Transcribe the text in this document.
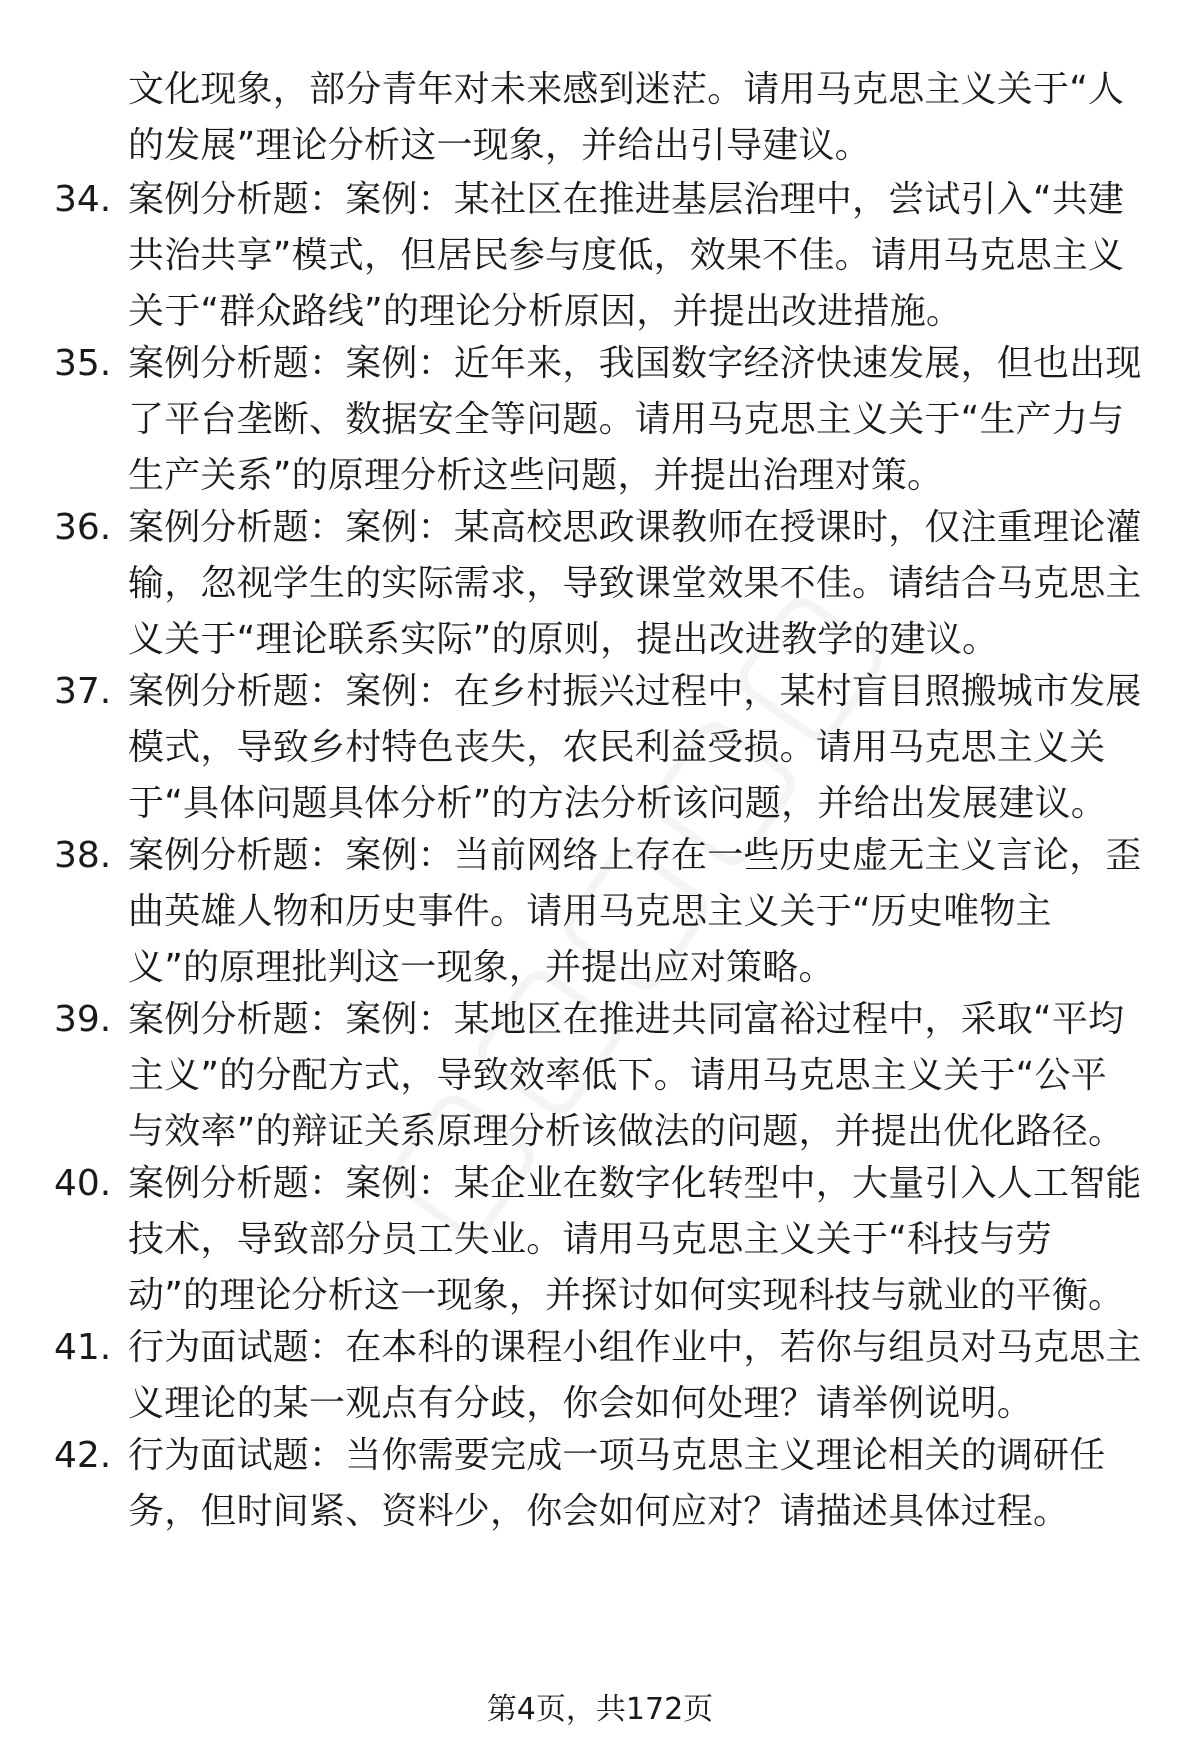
文化现象，部分青年对未来感到迷茫。请用马克思主义关于“人
的发展”理论分析这一现象，并给出引导建议。
34. 案例分析题：案例：某社区在推进基层治理中，尝试引入“共建
共治共享”模式，但居民参与度低，效果不佳。请用马克思主义
关于“群众路线”的理论分析原因，并提出改进措施。
35. 案例分析题：案例：近年来，我国数字经济快速发展，但也出现
了平台垄断、数据安全等问题。请用马克思主义关于“生产力与
生产关系”的原理分析这些问题，并提出治理对策。
36. 案例分析题：案例：某高校思政课教师在授课时，仅注重理论灌
输，忽视学生的实际需求，导致课堂效果不佳。请结合马克思主
义关于“理论联系实际”的原则，提出改进教学的建议。
37. 案例分析题：案例：在乡村振兴过程中，某村盲目照搬城市发展
模式，导致乡村特色丧失，农民利益受损。请用马克思主义关
于“具体问题具体分析”的方法分析该问题，并给出发展建议。
38. 案例分析题：案例：当前网络上存在一些历史虚无主义言论，歪
曲英雄人物和历史事件。请用马克思主义关于“历史唯物主
义”的原理批判这一现象，并提出应对策略。
39. 案例分析题：案例：某地区在推进共同富裕过程中，采取“平均
主义”的分配方式，导致效率低下。请用马克思主义关于“公平
与效率”的辩证关系原理分析该做法的问题，并提出优化路径。
40. 案例分析题：案例：某企业在数字化转型中，大量引入人工智能
技术，导致部分员工失业。请用马克思主义关于“科技与劳
动”的理论分析这一现象，并探讨如何实现科技与就业的平衡。
41. 行为面试题：在本科的课程小组作业中，若你与组员对马克思主
义理论的某一观点有分歧，你会如何处理？请举例说明。
42. 行为面试题：当你需要完成一项马克思主义理论相关的调研任
务，但时间紧、资料少，你会如何应对？请描述具体过程。
第4页，共172页
